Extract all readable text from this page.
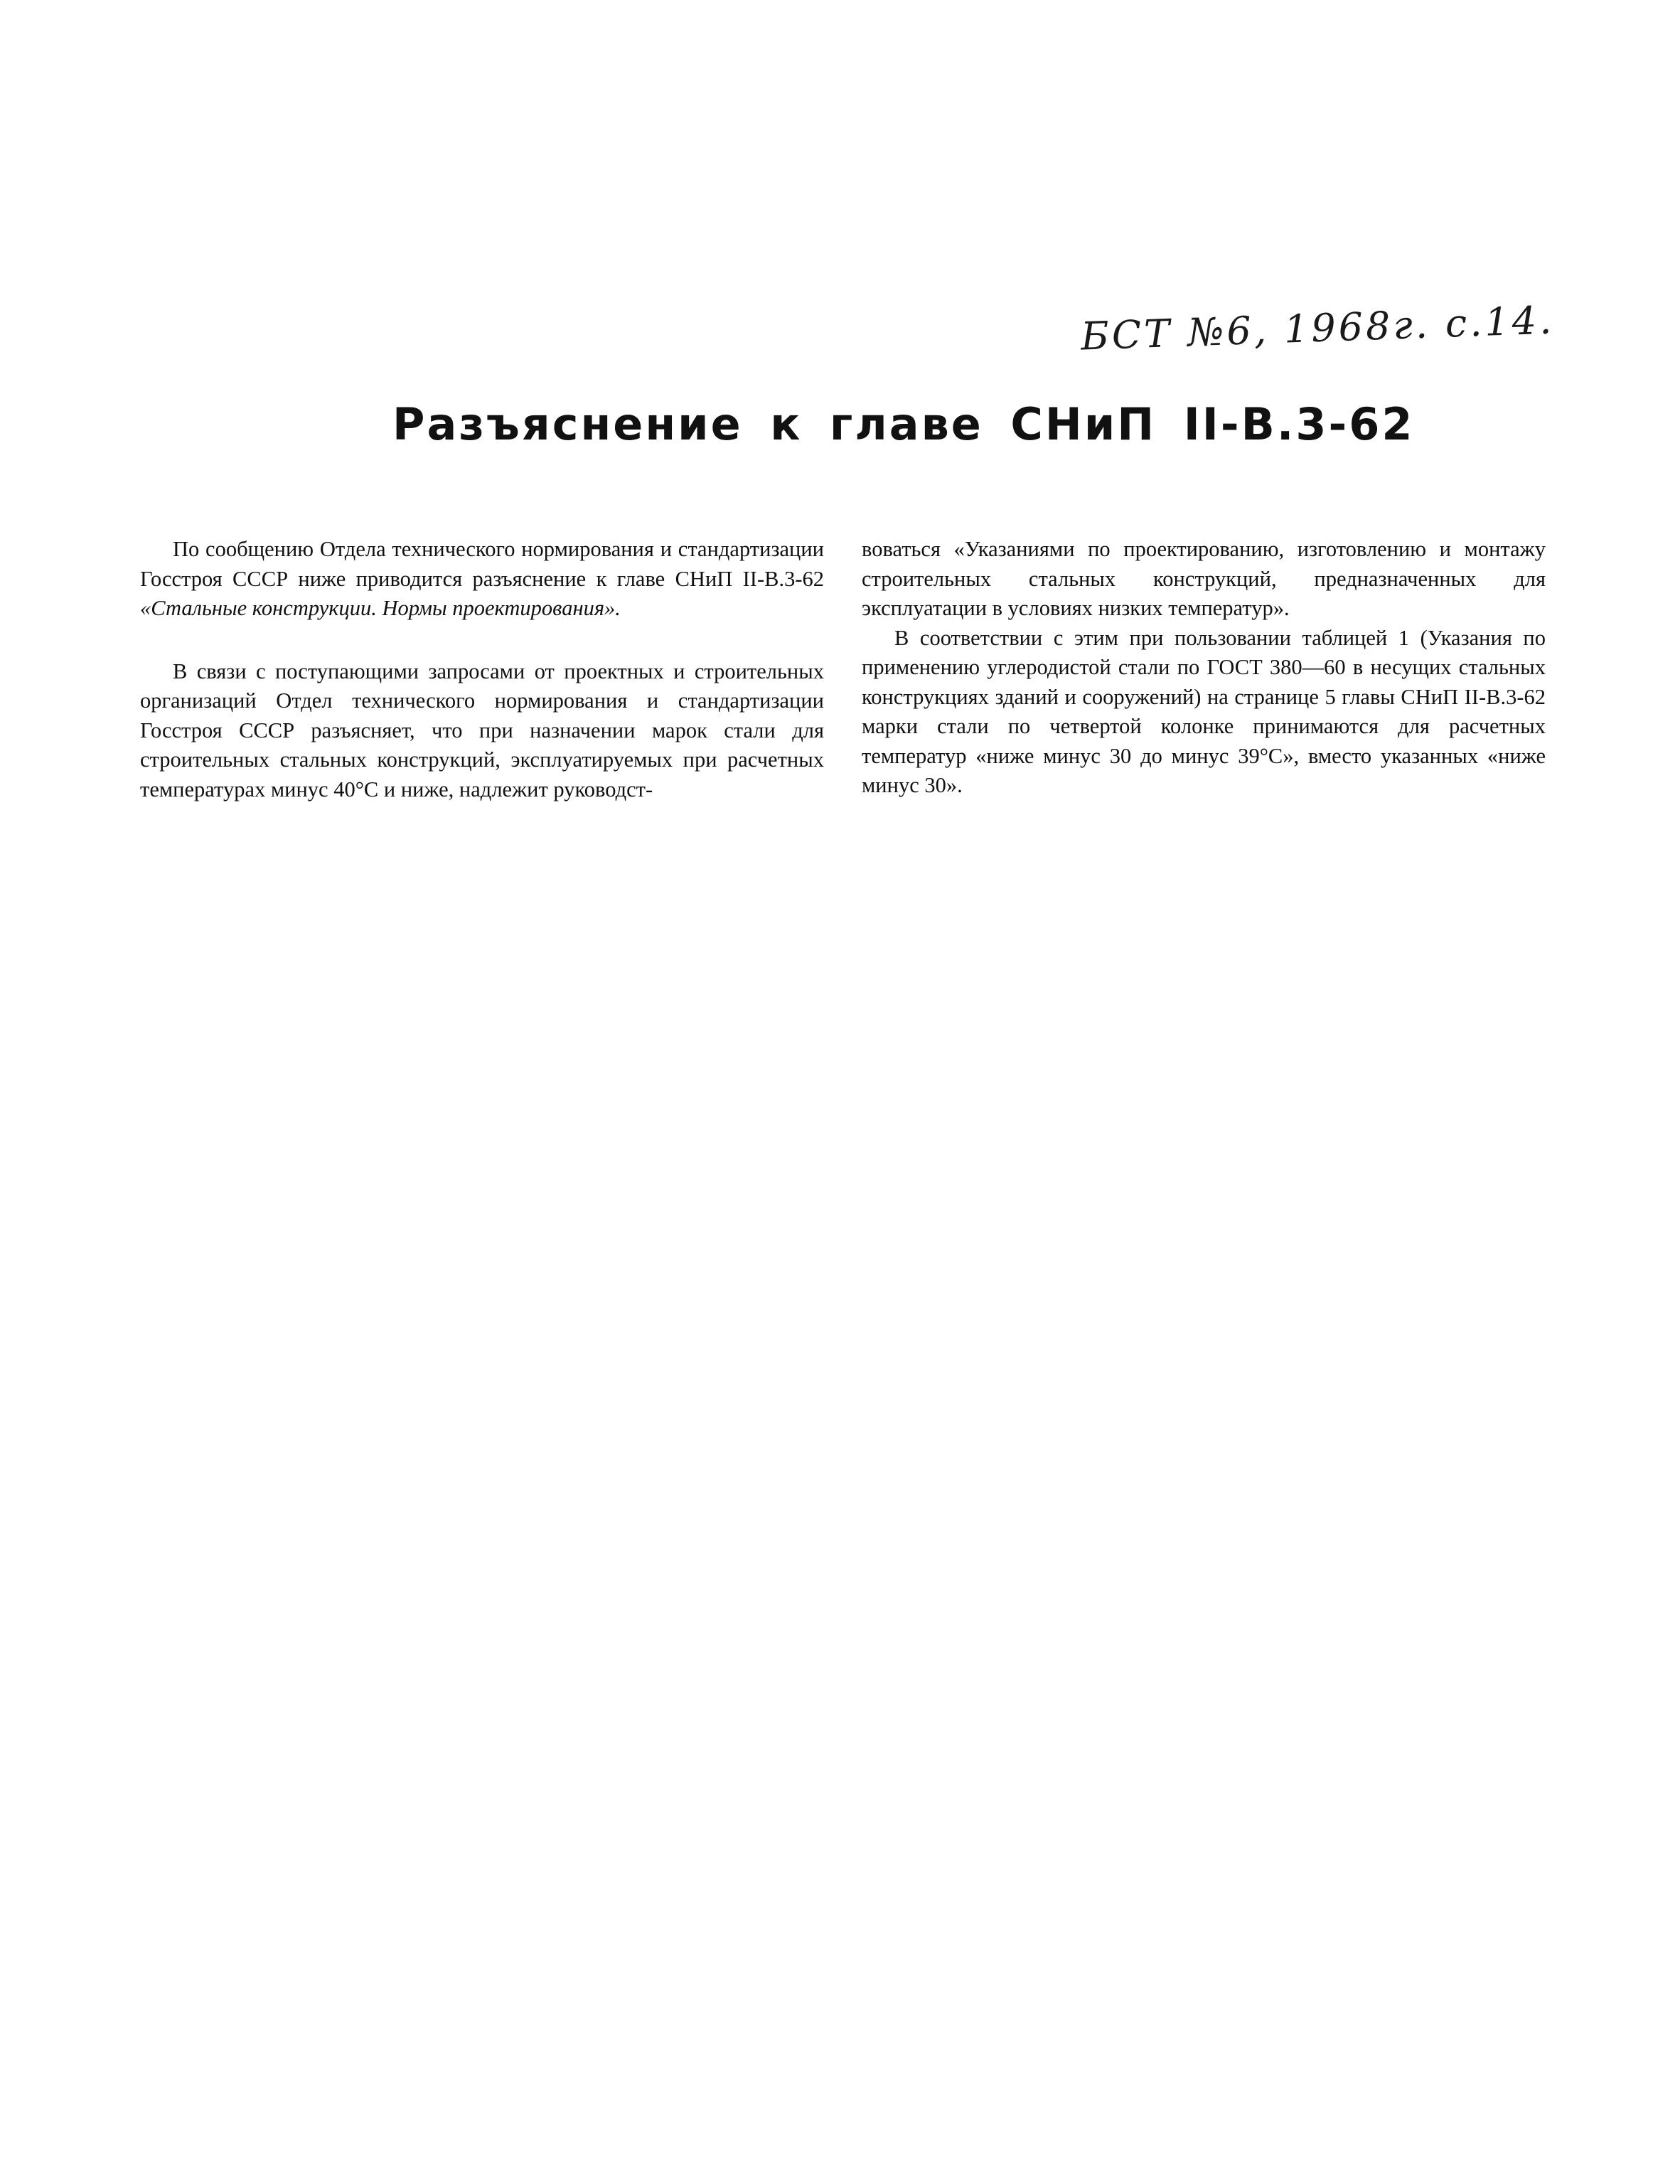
БСТ №6, 1968г. с.14.
Разъяснение к главе СНиП II-В.3-62

По сообщению Отдела технического нормирования и стандартизации Госстроя СССР ниже приводится разъяснение к главе СНиП II-В.3-62 «Стальные конструкции. Нормы проектирования».

В связи с поступающими запросами от проектных и строительных организаций Отдел технического нормирования и стандартизации Госстроя СССР разъясняет, что при назначении марок стали для строительных стальных конструкций, эксплуатируемых при расчетных температурах минус 40°С и ниже, надлежит руководст-

воваться «Указаниями по проектированию, изготовлению и монтажу строительных стальных конструкций, предназначенных для эксплуатации в условиях низких температур».

В соответствии с этим при пользовании таблицей 1 (Указания по применению углеродистой стали по ГОСТ 380—60 в несущих стальных конструкциях зданий и сооружений) на странице 5 главы СНиП II-В.3-62 марки стали по четвертой колонке принимаются для расчетных температур «ниже минус 30 до минус 39°С», вместо указанных «ниже минус 30».
